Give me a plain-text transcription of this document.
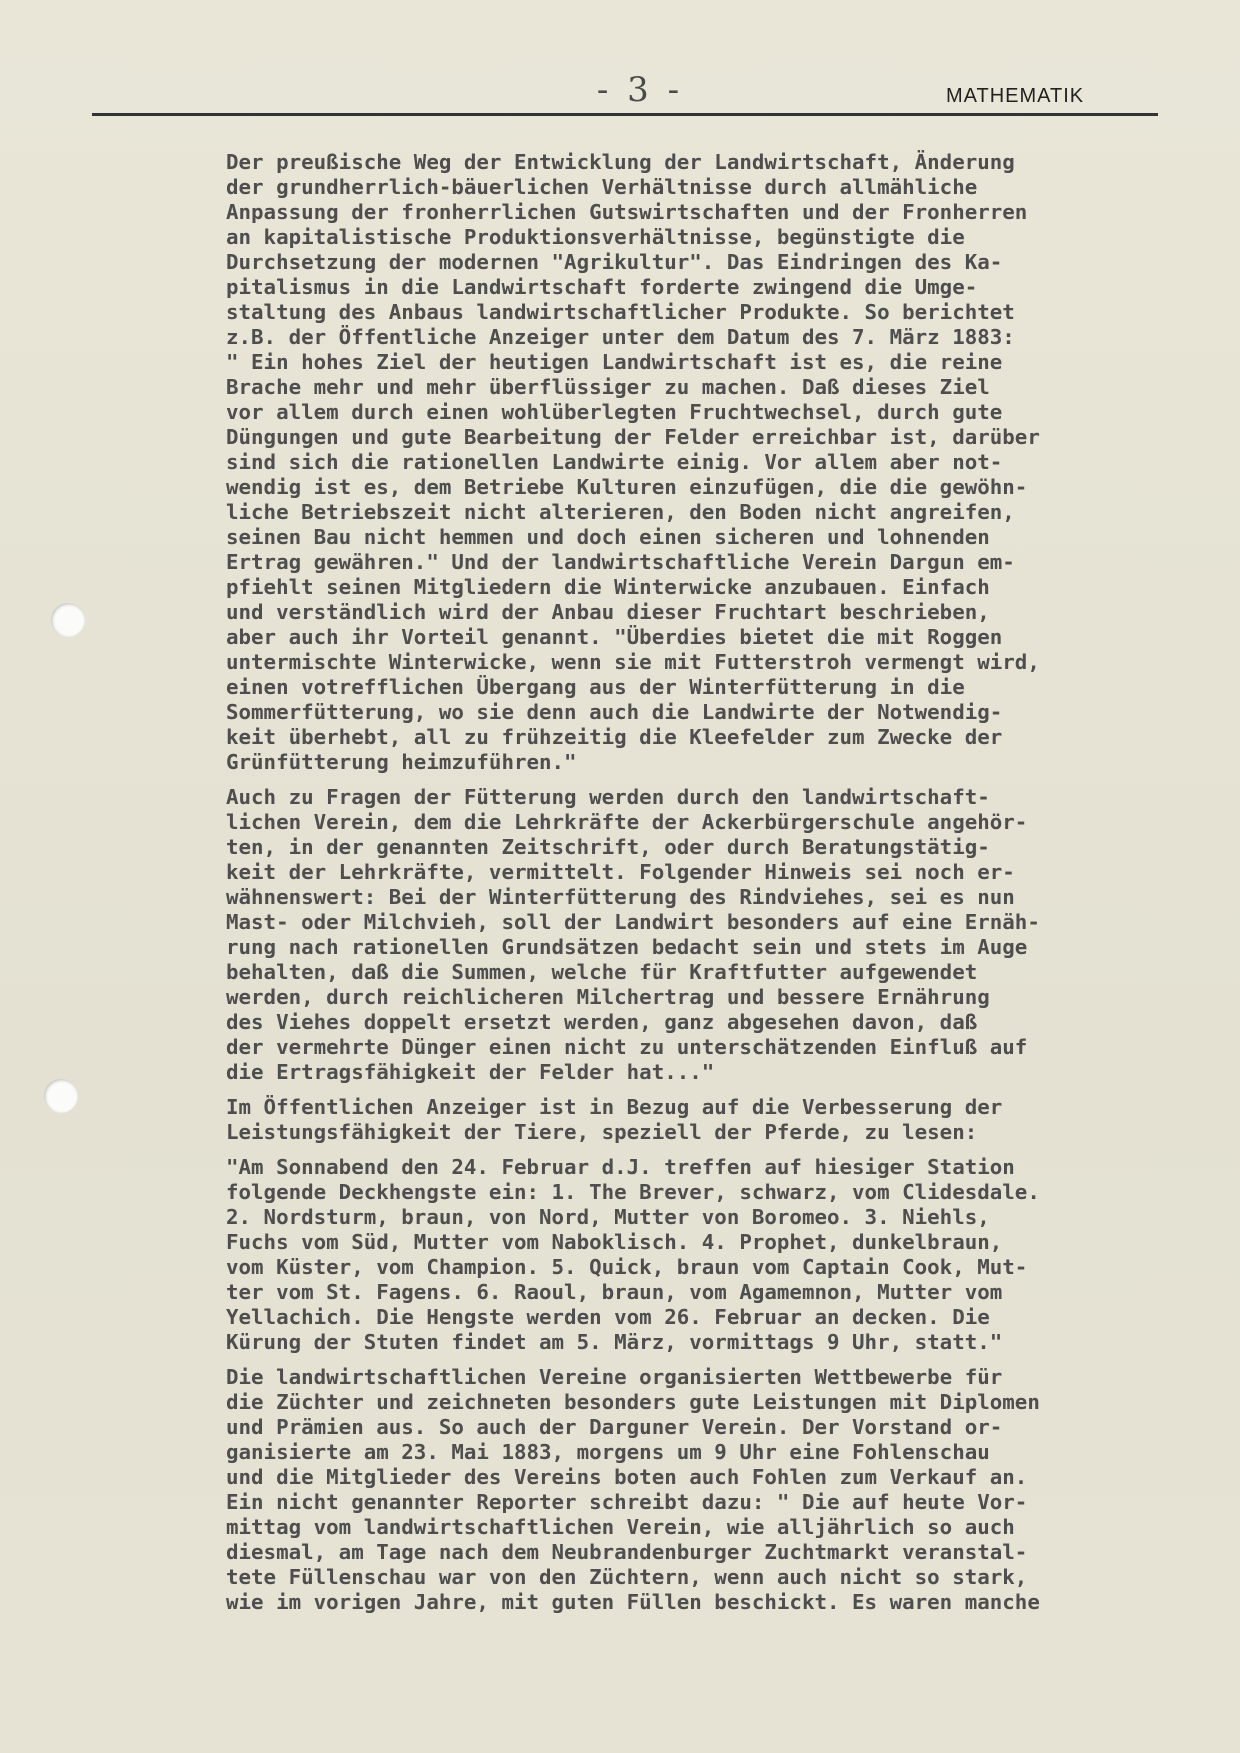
- 3 -	MATHEMATIK
Der preußische Weg der Entwicklung der Landwirtschaft, Änderung
der grundherrlich-bäuerlichen Verhältnisse durch allmähliche
Anpassung der fronherrlichen Gutswirtschaften und der Fronherren
an kapitalistische Produktionsverhältnisse, begünstigte die
Durchsetzung der modernen "Agrikultur". Das Eindringen des Ka-
pitalismus in die Landwirtschaft forderte zwingend die Umge-
staltung des Anbaus landwirtschaftlicher Produkte. So berichtet
z.B. der Öffentliche Anzeiger unter dem Datum des 7. März 1883:
" Ein hohes Ziel der heutigen Landwirtschaft ist es, die reine
Brache mehr und mehr überflüssiger zu machen. Daß dieses Ziel
vor allem durch einen wohlüberlegten Fruchtwechsel, durch gute
Düngungen und gute Bearbeitung der Felder erreichbar ist, darüber
sind sich die rationellen Landwirte einig. Vor allem aber not-
wendig ist es, dem Betriebe Kulturen einzufügen, die die gewöhn-
liche Betriebszeit nicht alterieren, den Boden nicht angreifen,
seinen Bau nicht hemmen und doch einen sicheren und lohnenden
Ertrag gewähren." Und der landwirtschaftliche Verein Dargun em-
pfiehlt seinen Mitgliedern die Winterwicke anzubauen. Einfach
und verständlich wird der Anbau dieser Fruchtart beschrieben,
aber auch ihr Vorteil genannt. "Überdies bietet die mit Roggen
untermischte Winterwicke, wenn sie mit Futterstroh vermengt wird,
einen votrefflichen Übergang aus der Winterfütterung in die
Sommerfütterung, wo sie denn auch die Landwirte der Notwendig-
keit überhebt, all zu frühzeitig die Kleefelder zum Zwecke der
Grünfütterung heimzuführen."
Auch zu Fragen der Fütterung werden durch den landwirtschaft-
lichen Verein, dem die Lehrkräfte der Ackerbürgerschule angehör-
ten, in der genannten Zeitschrift, oder durch Beratungstätig-
keit der Lehrkräfte, vermittelt. Folgender Hinweis sei noch er-
wähnenswert: Bei der Winterfütterung des Rindviehes, sei es nun
Mast- oder Milchvieh, soll der Landwirt besonders auf eine Ernäh-
rung nach rationellen Grundsätzen bedacht sein und stets im Auge
behalten, daß die Summen, welche für Kraftfutter aufgewendet
werden, durch reichlicheren Milchertrag und bessere Ernährung
des Viehes doppelt ersetzt werden, ganz abgesehen davon, daß
der vermehrte Dünger einen nicht zu unterschätzenden Einfluß auf
die Ertragsfähigkeit der Felder hat..."
Im Öffentlichen Anzeiger ist in Bezug auf die Verbesserung der
Leistungsfähigkeit der Tiere, speziell der Pferde, zu lesen:
"Am Sonnabend den 24. Februar d.J. treffen auf hiesiger Station
folgende Deckhengste ein: 1. The Brever, schwarz, vom Clidesdale.
2. Nordsturm, braun, von Nord, Mutter von Boromeo. 3. Niehls,
Fuchs vom Süd, Mutter vom Naboklisch. 4. Prophet, dunkelbraun,
vom Küster, vom Champion. 5. Quick, braun vom Captain Cook, Mut-
ter vom St. Fagens. 6. Raoul, braun, vom Agamemnon, Mutter vom
Yellachich. Die Hengste werden vom 26. Februar an decken. Die
Kürung der Stuten findet am 5. März, vormittags 9 Uhr, statt."
Die landwirtschaftlichen Vereine organisierten Wettbewerbe für
die Züchter und zeichneten besonders gute Leistungen mit Diplomen
und Prämien aus. So auch der Darguner Verein. Der Vorstand or-
ganisierte am 23. Mai 1883, morgens um 9 Uhr eine Fohlenschau
und die Mitglieder des Vereins boten auch Fohlen zum Verkauf an.
Ein nicht genannter Reporter schreibt dazu: " Die auf heute Vor-
mittag vom landwirtschaftlichen Verein, wie alljährlich so auch
diesmal, am Tage nach dem Neubrandenburger Zuchtmarkt veranstal-
tete Füllenschau war von den Züchtern, wenn auch nicht so stark,
wie im vorigen Jahre, mit guten Füllen beschickt. Es waren manche
